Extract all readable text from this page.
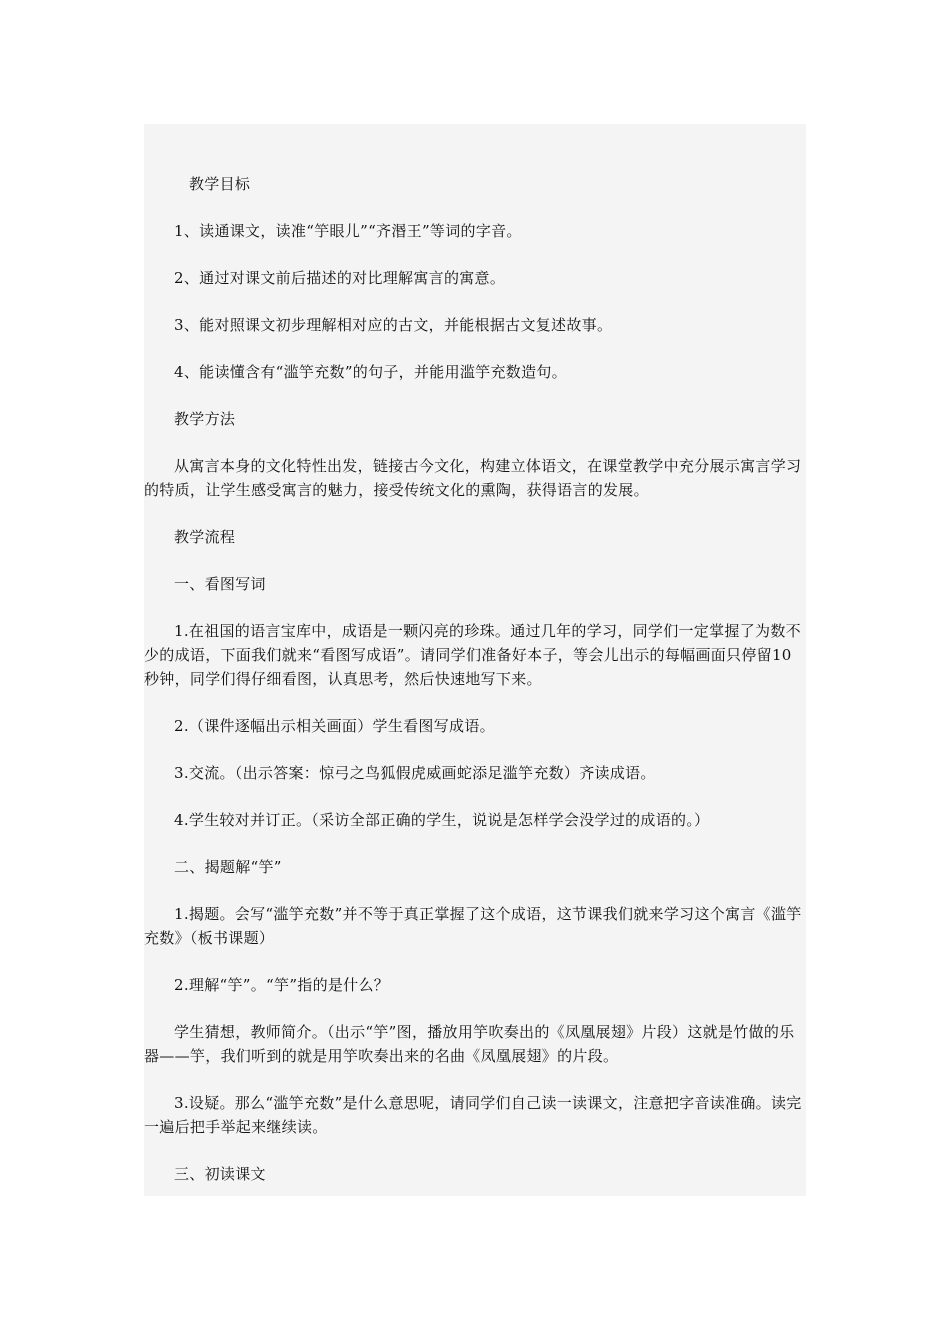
教学目标

1、读通课文，读准“竽眼儿”“齐湣王”等词的字音。

2、通过对课文前后描述的对比理解寓言的寓意。

3、能对照课文初步理解相对应的古文，并能根据古文复述故事。

4、能读懂含有“滥竽充数”的句子，并能用滥竽充数造句。

教学方法

从寓言本身的文化特性出发，链接古今文化，构建立体语文，在课堂教学中充分展示寓言学习的特质，让学生感受寓言的魅力，接受传统文化的熏陶，获得语言的发展。

教学流程

一、看图写词

1.在祖国的语言宝库中，成语是一颗闪亮的珍珠。通过几年的学习，同学们一定掌握了为数不少的成语，下面我们就来“看图写成语”。请同学们准备好本子，等会儿出示的每幅画面只停留10秒钟，同学们得仔细看图，认真思考，然后快速地写下来。

2.（课件逐幅出示相关画面）学生看图写成语。

3.交流。（出示答案：惊弓之鸟狐假虎威画蛇添足滥竽充数）齐读成语。

4.学生较对并订正。（采访全部正确的学生，说说是怎样学会没学过的成语的。）

二、揭题解“竽”

1.揭题。会写“滥竽充数”并不等于真正掌握了这个成语，这节课我们就来学习这个寓言《滥竽充数》（板书课题）

2.理解“竽”。“竽”指的是什么？

学生猜想，教师简介。（出示“竽”图，播放用竽吹奏出的《凤凰展翅》片段）这就是竹做的乐器——竽，我们听到的就是用竽吹奏出来的名曲《凤凰展翅》的片段。

3.设疑。那么“滥竽充数”是什么意思呢，请同学们自己读一读课文，注意把字音读准确。读完一遍后把手举起来继续读。

三、初读课文
